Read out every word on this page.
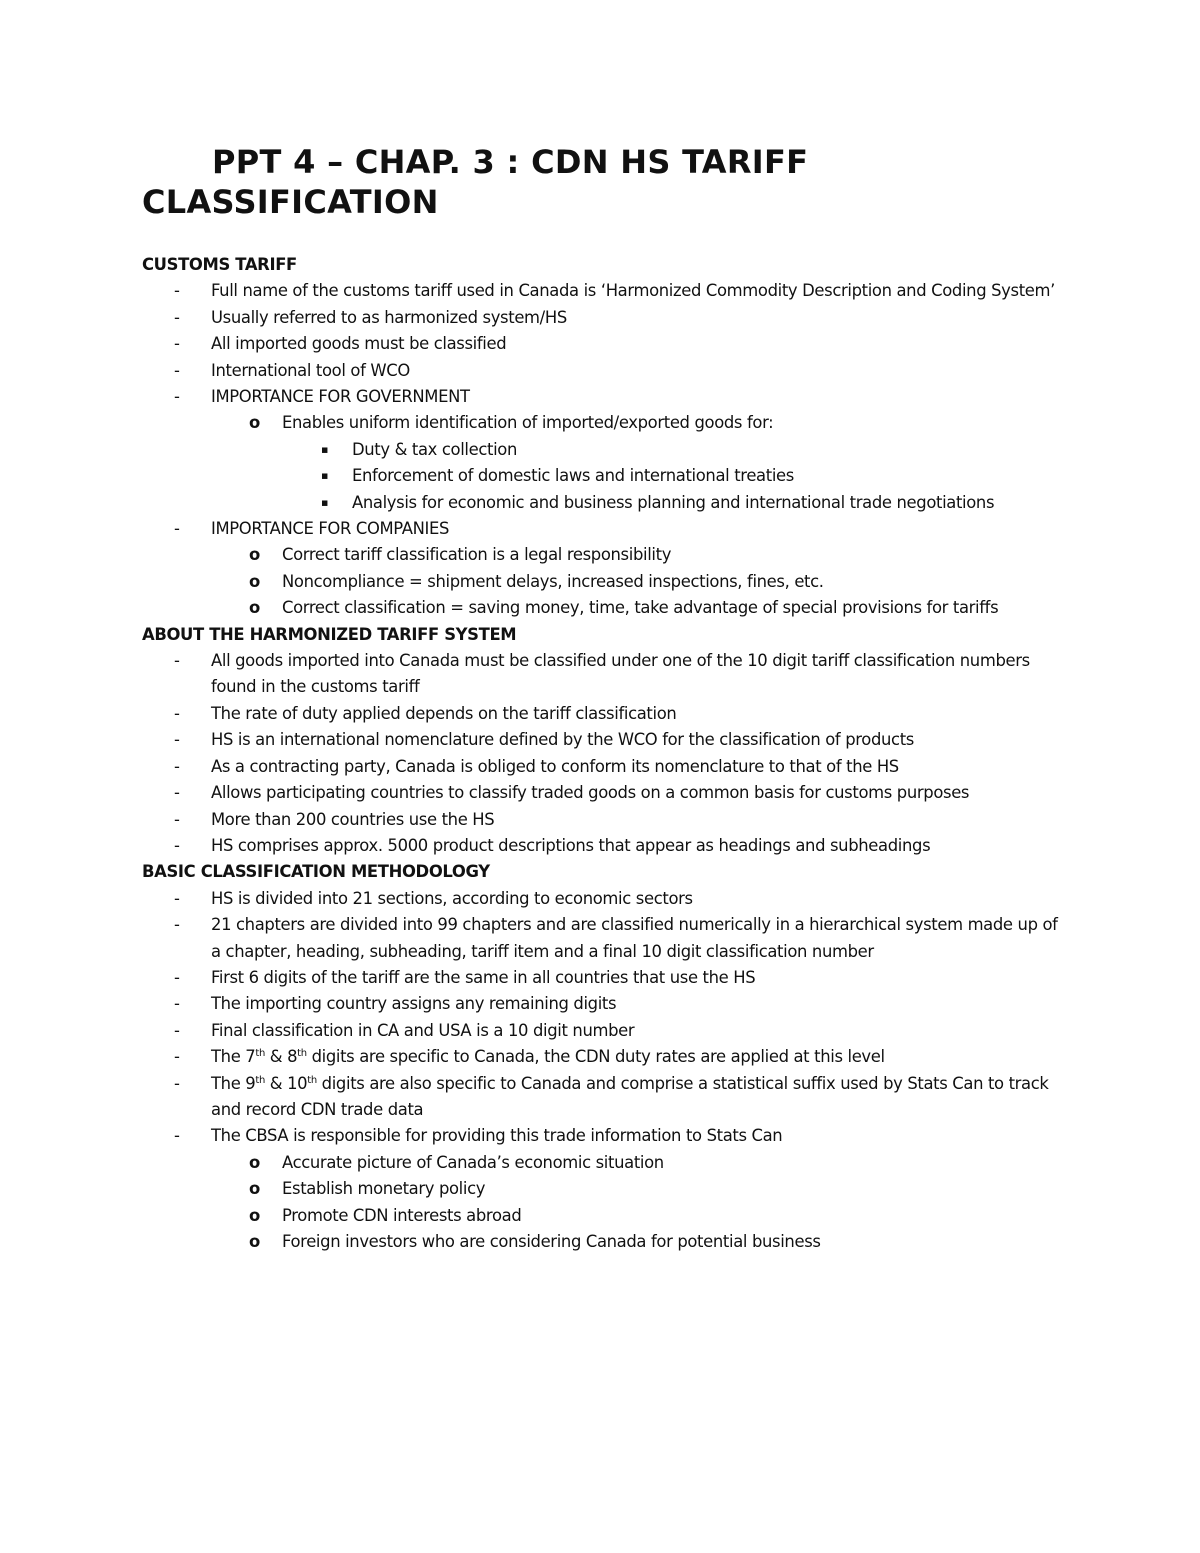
PPT 4 – CHAP. 3 : CDN HS TARIFF
CLASSIFICATION
CUSTOMS TARIFF
- Full name of the customs tariff used in Canada is ‘Harmonized Commodity Description and Coding System’
- Usually referred to as harmonized system/HS
- All imported goods must be classified
- International tool of WCO
- IMPORTANCE FOR GOVERNMENT
o Enables uniform identification of imported/exported goods for:
▪ Duty & tax collection
▪ Enforcement of domestic laws and international treaties
▪ Analysis for economic and business planning and international trade negotiations
- IMPORTANCE FOR COMPANIES
o Correct tariff classification is a legal responsibility
o Noncompliance = shipment delays, increased inspections, fines, etc.
o Correct classification = saving money, time, take advantage of special provisions for tariffs
ABOUT THE HARMONIZED TARIFF SYSTEM
- All goods imported into Canada must be classified under one of the 10 digit tariff classification numbers found in the customs tariff
- The rate of duty applied depends on the tariff classification
- HS is an international nomenclature defined by the WCO for the classification of products
- As a contracting party, Canada is obliged to conform its nomenclature to that of the HS
- Allows participating countries to classify traded goods on a common basis for customs purposes
- More than 200 countries use the HS
- HS comprises approx. 5000 product descriptions that appear as headings and subheadings
BASIC CLASSIFICATION METHODOLOGY
- HS is divided into 21 sections, according to economic sectors
- 21 chapters are divided into 99 chapters and are classified numerically in a hierarchical system made up of a chapter, heading, subheading, tariff item and a final 10 digit classification number
- First 6 digits of the tariff are the same in all countries that use the HS
- The importing country assigns any remaining digits
- Final classification in CA and USA is a 10 digit number
- The 7th & 8th digits are specific to Canada, the CDN duty rates are applied at this level
- The 9th & 10th digits are also specific to Canada and comprise a statistical suffix used by Stats Can to track and record CDN trade data
- The CBSA is responsible for providing this trade information to Stats Can
o Accurate picture of Canada’s economic situation
o Establish monetary policy
o Promote CDN interests abroad
o Foreign investors who are considering Canada for potential business
